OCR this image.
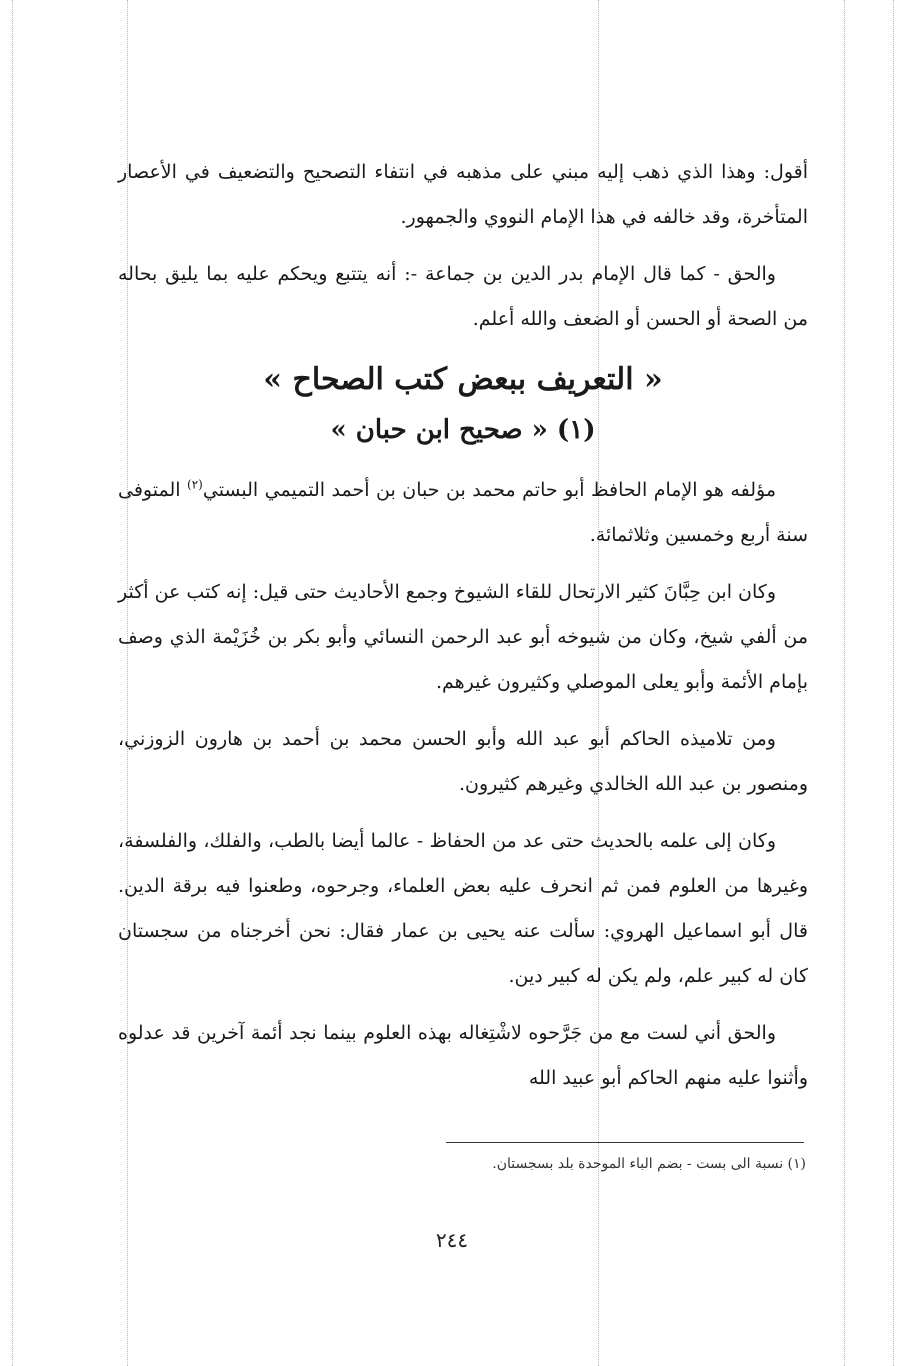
أقول: وهذا الذي ذهب إليه مبني على مذهبه في انتفاء التصحيح والتضعيف في الأعصار المتأخرة، وقد خالفه في هذا الإمام النووي والجمهور.

والحق - كما قال الإمام بدر الدين بن جماعة -: أنه يتتبع ويحكم عليه بما يليق بحاله من الصحة أو الحسن أو الضعف والله أعلم.

« التعريف ببعض كتب الصحاح »
(١) « صحيح ابن حبان »

مؤلفه هو الإمام الحافظ أبو حاتم محمد بن حبان بن أحمد التميمي البستي$^{(٢)}$ المتوفى سنة أربع وخمسين وثلاثمائة.

وكان ابن حِبَّانَ كثير الارتحال للقاء الشيوخ وجمع الأحاديث حتى قيل: إنه كتب عن أكثر من ألفي شيخ، وكان من شيوخه أبو عبد الرحمن النسائي وأبو بكر بن خُزَيْمة الذي وصف بإمام الأئمة وأبو يعلى الموصلي وكثيرون غيرهم.

ومن تلاميذه الحاكم أبو عبد الله وأبو الحسن محمد بن أحمد بن هارون الزوزني، ومنصور بن عبد الله الخالدي وغيرهم كثيرون.

وكان إلى علمه بالحديث حتى عد من الحفاظ - عالما أيضا بالطب، والفلك، والفلسفة، وغيرها من العلوم فمن ثم انحرف عليه بعض العلماء، وجرحوه، وطعنوا فيه برقة الدين. قال أبو اسماعيل الهروي: سألت عنه يحيى بن عمار فقال: نحن أخرجناه من سجستان كان له كبير علم، ولم يكن له كبير دين.

والحق أني لست مع من جَرَّحوه لاشْتِغاله بهذه العلوم بينما نجد أئمة آخرين قد عدلوه وأثنوا عليه منهم الحاكم أبو عبيد الله

(١) نسبة الى بست - بضم الباء الموحدة بلد بسجستان.
٢٤٤
